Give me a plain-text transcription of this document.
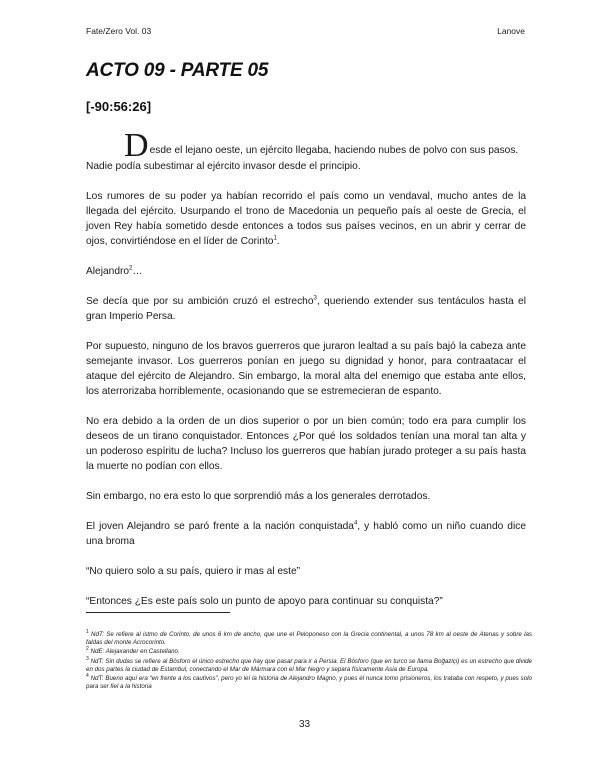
Fate/Zero Vol. 03	Lanove
ACTO 09 - PARTE 05
[-90:56:26]

Desde el lejano oeste, un ejército llegaba, haciendo nubes de polvo con sus pasos.
Nadie podía subestimar al ejército invasor desde el principio.

Los rumores de su poder ya habían recorrido el país como un vendaval, mucho antes de la llegada del ejército. Usurpando el trono de Macedonia un pequeño país al oeste de Grecia, el joven Rey había sometido desde entonces a todos sus países vecinos, en un abrir y cerrar de ojos, convirtiéndose en el líder de Corinto$^1$.

Alejandro$^2$…

Se decía que por su ambición cruzó el estrecho$^3$, queriendo extender sus tentáculos hasta el gran Imperio Persa.

Por supuesto, ninguno de los bravos guerreros que juraron lealtad a su país bajó la cabeza ante semejante invasor. Los guerreros ponían en juego su dignidad y honor, para contraatacar el ataque del ejército de Alejandro. Sin embargo, la moral alta del enemigo que estaba ante ellos, los aterrorizaba horriblemente, ocasionando que se estremecieran de espanto.

No era debido a la orden de un dios superior o por un bien común; todo era para cumplir los deseos de un tirano conquistador. Entonces ¿Por qué los soldados tenían una moral tan alta y un poderoso espíritu de lucha? Incluso los guerreros que habían jurado proteger a su país hasta la muerte no podían con ellos.

Sin embargo, no era esto lo que sorprendió más a los generales derrotados.

El joven Alejandro se paró frente a la nación conquistada$^4$, y habló como un niño cuando dice una broma

“No quiero solo a su país, quiero ir mas al este”

“Entonces ¿Es este país solo un punto de apoyo para continuar su conquista?”

$^1$ NdT: Se refiere al istmo de Corinto, de unos 6 km de ancho, que une el Peloponeso con la Grecia continental, a unos 78 km al oeste de Atenas y sobre las faldas del monte Acrocorinto.
$^2$ NdE: Alejaxander en Castellano.
$^3$ NdT: Sin dudas se refiere al Bósforo el único estrecho que hay que pasar para ir a Persia. El Bósforo (que en turco se llama Boğaziçi) es un estrecho que divide en dos partes la ciudad de Estambul, conectando el Mar de Mármara con el Mar Negro y separa físicamente Asia de Europa.
$^4$ NdT: Bueno aquí era “en frente a los cautivos”, pero yo leí la historia de Alejandro Magno, y pues él nunca tomo prisioneros, los trataba con respeto, y pues solo para ser fiel a la historia
33
